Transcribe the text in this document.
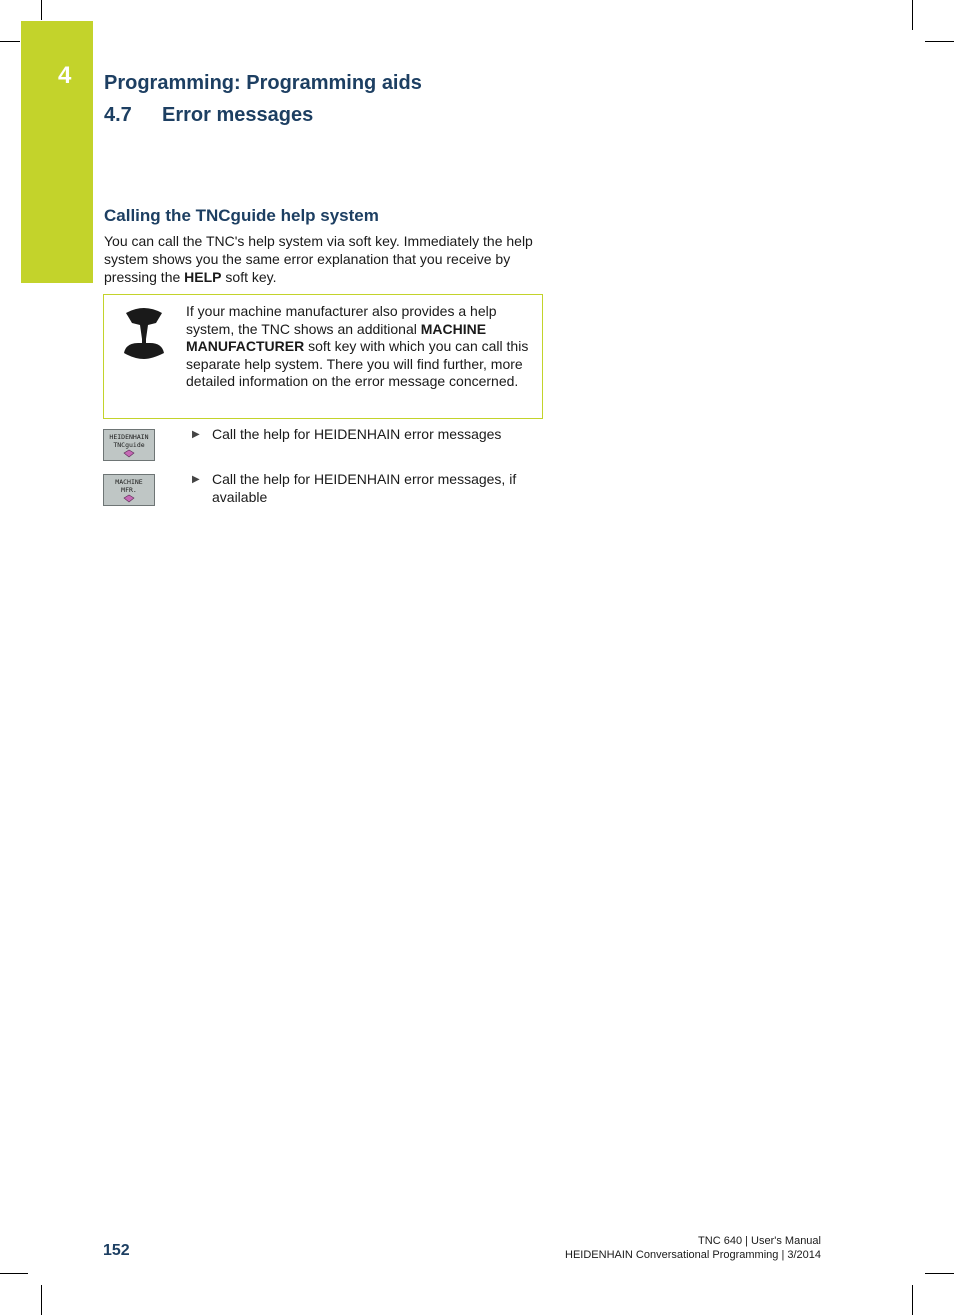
4 Programming: Programming aids
4.7 Error messages
Calling the TNCguide help system
You can call the TNC's help system via soft key. Immediately the help system shows you the same error explanation that you receive by pressing the HELP soft key.
If your machine manufacturer also provides a help system, the TNC shows an additional MACHINE MANUFACTURER soft key with which you can call this separate help system. There you will find further, more detailed information on the error message concerned.
HEIDENHAIN
TNCguide
▶ Call the help for HEIDENHAIN error messages
MACHINE
MFR.
▶ Call the help for HEIDENHAIN error messages, if available
152
TNC 640 | User's Manual
HEIDENHAIN Conversational Programming | 3/2014
